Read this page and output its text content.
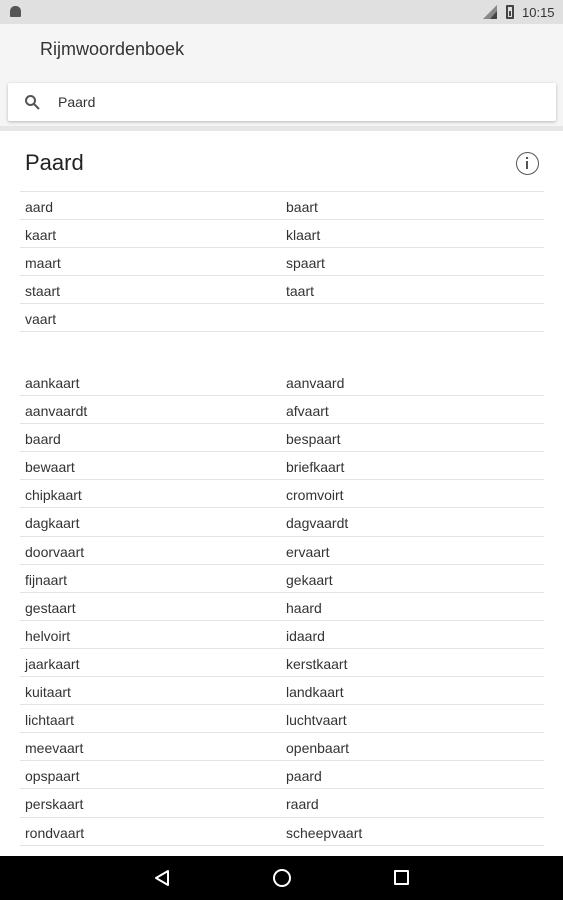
10:15
Rijmwoordenboek
Paard
Paard
aard	baart
kaart	klaart
maart	spaart
staart	taart
vaart
aankaart	aanvaard
aanvaardt	afvaart
baard	bespaart
bewaart	briefkaart
chipkaart	cromvoirt
dagkaart	dagvaardt
doorvaart	ervaart
fijnaart	gekaart
gestaart	haard
helvoirt	idaard
jaarkaart	kerstkaart
kuitaart	landkaart
lichtaart	luchtvaart
meevaart	openbaart
opspaart	paard
perskaart	raard
rondvaart	scheepvaart
